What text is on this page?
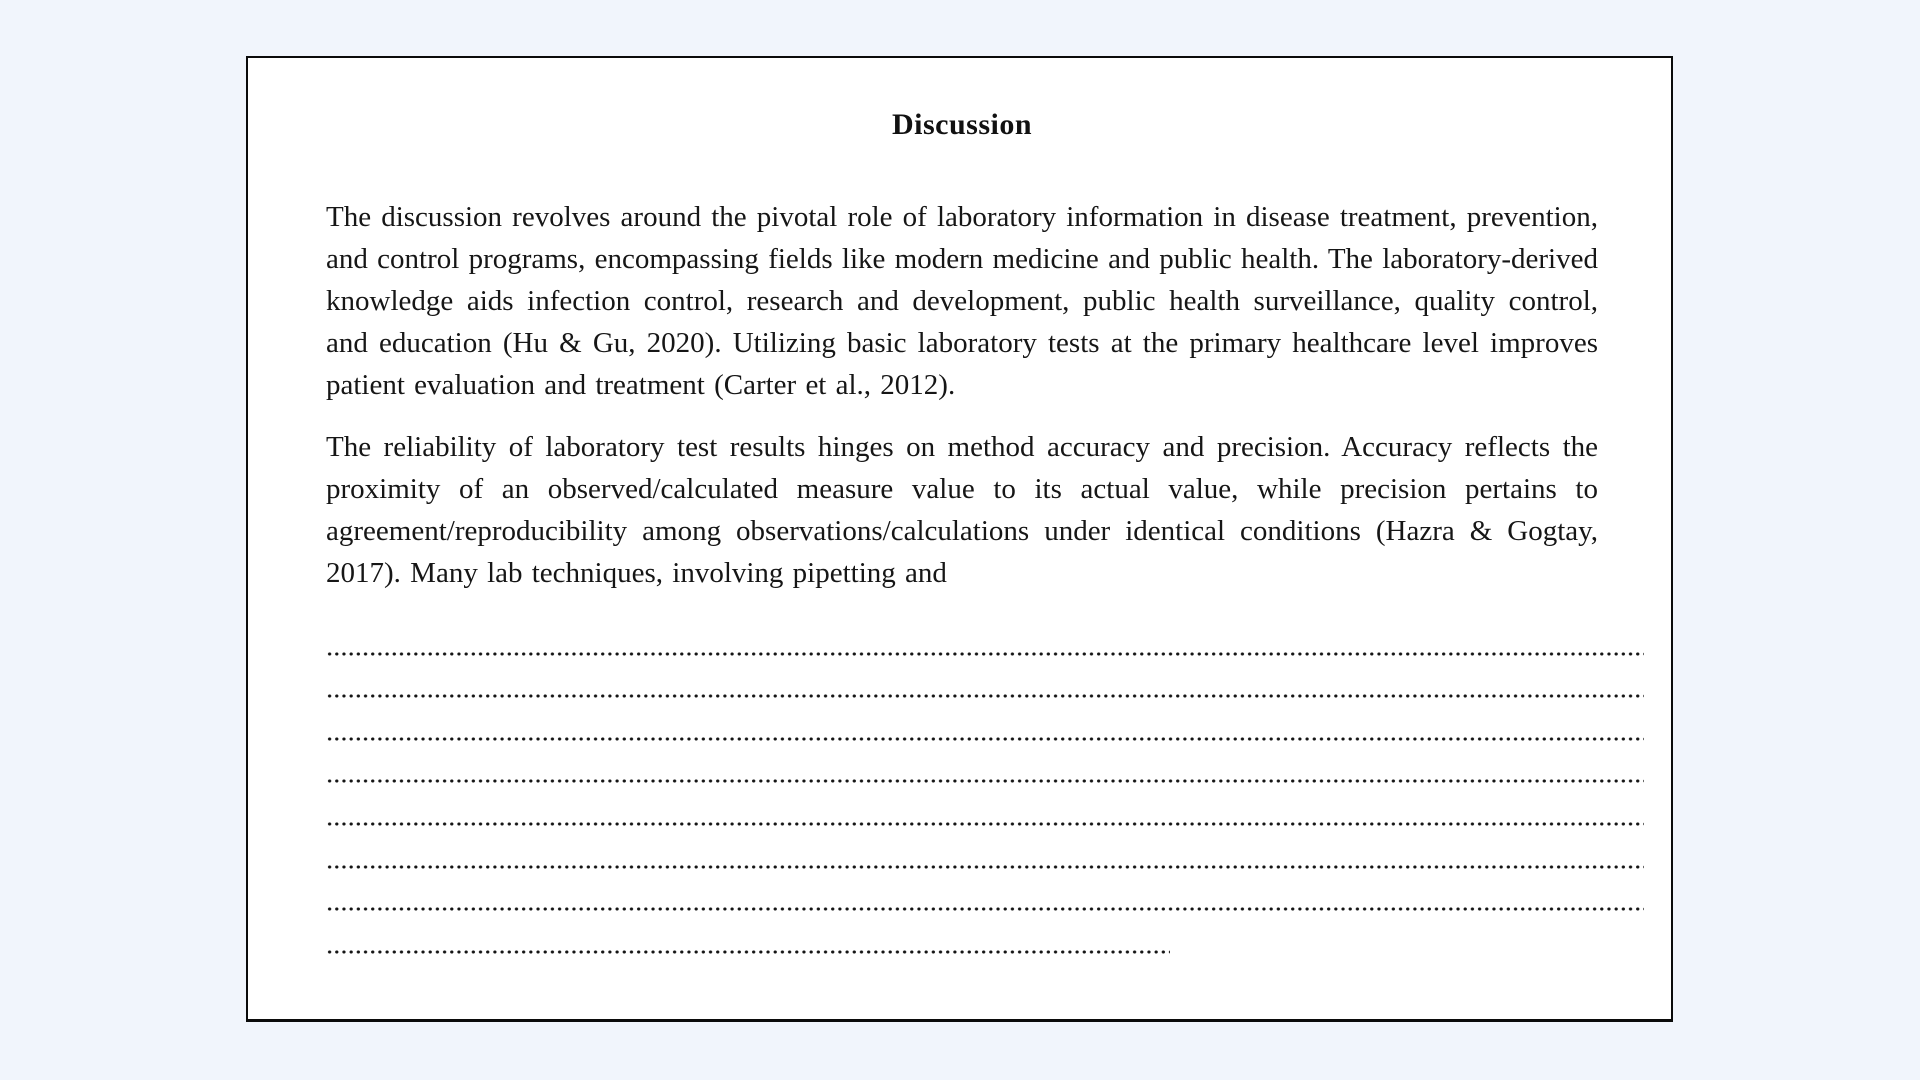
Discussion

The discussion revolves around the pivotal role of laboratory information in disease treatment, prevention, and control programs, encompassing fields like modern medicine and public health. The laboratory-derived knowledge aids infection control, research and development, public health surveillance, quality control, and education (Hu & Gu, 2020). Utilizing basic laboratory tests at the primary healthcare level improves patient evaluation and treatment (Carter et al., 2012).

The reliability of laboratory test results hinges on method accuracy and precision. Accuracy reflects the proximity of an observed/calculated measure value to its actual value, while precision pertains to agreement/reproducibility among observations/calculations under identical conditions (Hazra & Gogtay, 2017). Many lab techniques, involving pipetting and
